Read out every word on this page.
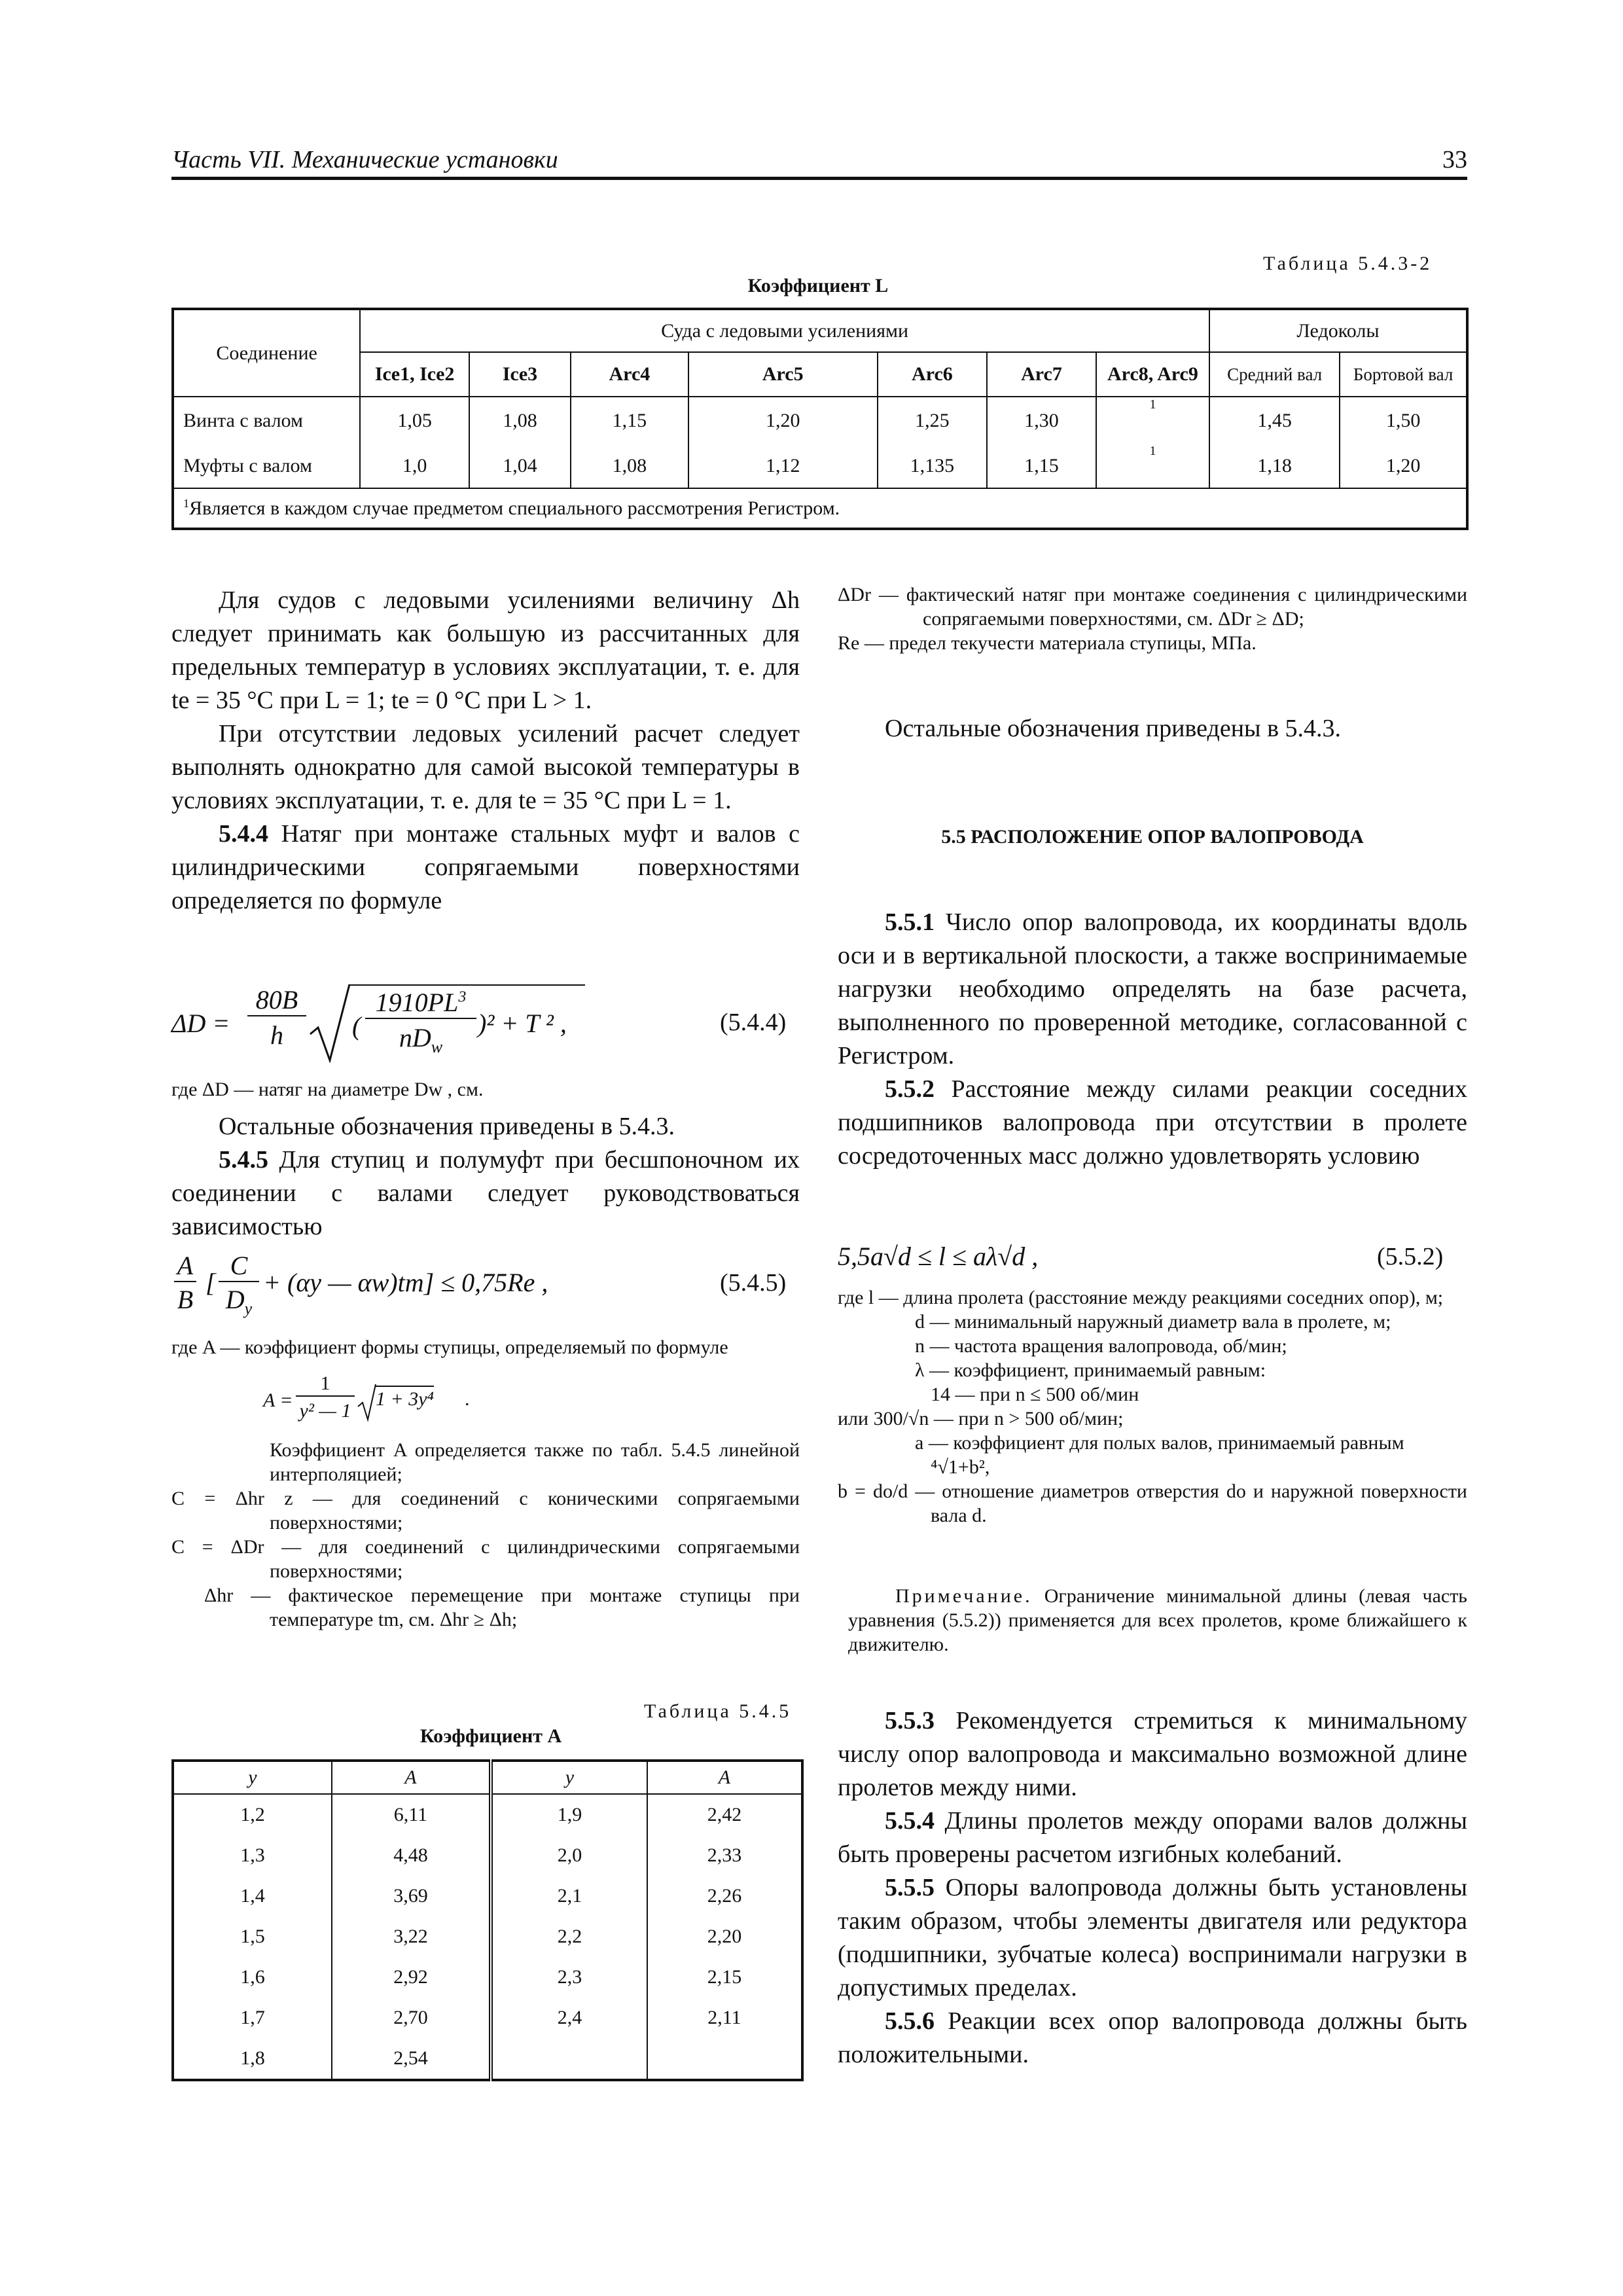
Часть VII. Механические установки	33
Таблица 5.4.3-2
Коэффициент L
Соединение	Суда с ледовыми усилениями							Ледоколы	
	Ice1, Ice2	Ice3	Arc4	Arc5	Arc6	Arc7	Arc8, Arc9	Средний вал	Бортовой вал
Винта с валом	1,05	1,08	1,15	1,20	1,25	1,30	1	1,45	1,50
Муфты с валом	1,0	1,04	1,08	1,12	1,135	1,15	1	1,18	1,20
$^1$Является в каждом случае предметом специального рассмотрения Регистром.									

Для судов с ледовыми усилениями величину Δh следует принимать как большую из рассчитанных для предельных температур в условиях эксплуатации, т. е. для te = 35 °C при L = 1; te = 0 °C при L > 1.

При отсутствии ледовых усилений расчет следует выполнять однократно для самой высокой температуры в условиях эксплуатации, т. е. для te = 35 °C при L = 1.

5.4.4 Натяг при монтаже стальных муфт и валов с цилиндрическими сопрягаемыми поверхностями определяется по формуле

ΔD =
80B
h	(
$1910PL^3$
$nD_w$
)² + T ² ,	(5.4.4)
где ΔD — натяг на диаметре Dw , см.

Остальные обозначения приведены в 5.4.3.

5.4.5 Для ступиц и полумуфт при бесшпоночном их соединении с валами следует руководствоваться зависимостью

A
B
[
C
$D_y$
+ (αy — αw)tm] ≤ 0,75Re ,	(5.4.5)
где A — коэффициент формы ступицы, определяемый по формуле
A =
1
y² — 1
1 + 3y⁴ .
Коэффициент A определяется также по табл. 5.4.5 линейной интерполяцией;
C = Δhr z — для соединений с коническими сопрягаемыми поверхностями;
C = ΔDr — для соединений с цилиндрическими сопрягаемыми поверхностями;
Δhr — фактическое перемещение при монтаже ступицы при температуре tm, см. Δhr ≥ Δh;
Таблица 5.4.5
Коэффициент A
y	A	y	A
1,2	6,11	1,9	2,42
1,3	4,48	2,0	2,33
1,4	3,69	2,1	2,26
1,5	3,22	2,2	2,20
1,6	2,92	2,3	2,15
1,7	2,70	2,4	2,11
1,8	2,54		
ΔDr — фактический натяг при монтаже соединения с цилиндрическими сопрягаемыми поверхностями, см. ΔDr ≥ ΔD;
Re — предел текучести материала ступицы, МПа.

Остальные обозначения приведены в 5.4.3.

5.5 РАСПОЛОЖЕНИЕ ОПОР ВАЛОПРОВОДА

5.5.1 Число опор валопровода, их координаты вдоль оси и в вертикальной плоскости, а также воспринимаемые нагрузки необходимо определять на базе расчета, выполненного по проверенной методике, согласованной с Регистром.

5.5.2 Расстояние между силами реакции соседних подшипников валопровода при отсутствии в пролете сосредоточенных масс должно удовлетворять условию

5,5a√d ≤ l ≤ aλ√d ,	(5.5.2)
где l — длина пролета (расстояние между реакциями соседних опор), м;
d — минимальный наружный диаметр вала в пролете, м;
n — частота вращения валопровода, об/мин;
λ — коэффициент, принимаемый равным:
14 — при n ≤ 500 об/мин
или 300/√n — при n > 500 об/мин;
a — коэффициент для полых валов, принимаемый равным
⁴√1+b²,
b = do/d — отношение диаметров отверстия do и наружной поверхности вала d.
Примечание. Ограничение минимальной длины (левая часть уравнения (5.5.2)) применяется для всех пролетов, кроме ближайшего к движителю.

5.5.3 Рекомендуется стремиться к минимальному числу опор валопровода и максимально возможной длине пролетов между ними.

5.5.4 Длины пролетов между опорами валов должны быть проверены расчетом изгибных колебаний.

5.5.5 Опоры валопровода должны быть установлены таким образом, чтобы элементы двигателя или редуктора (подшипники, зубчатые колеса) воспринимали нагрузки в допустимых пределах.

5.5.6 Реакции всех опор валопровода должны быть положительными.
